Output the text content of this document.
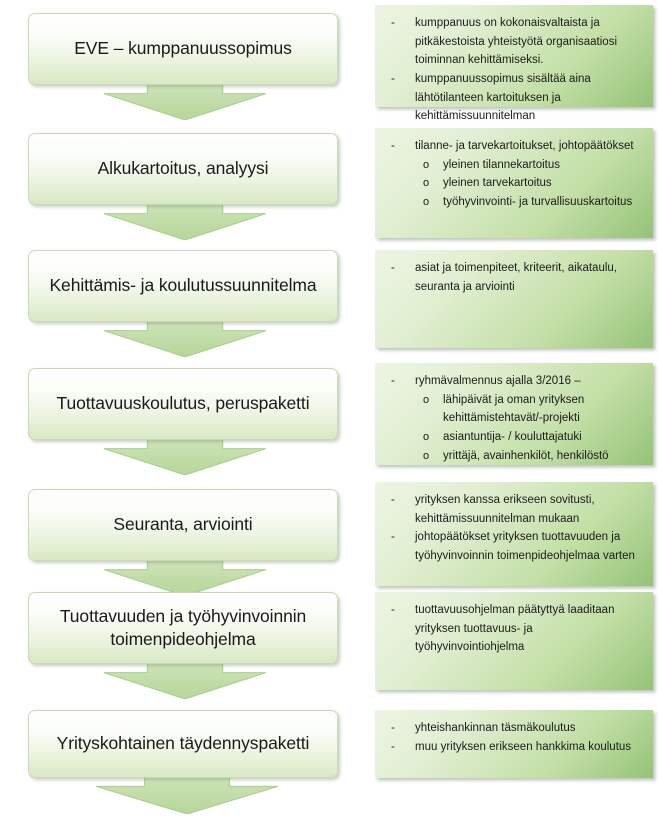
EVE – kumppanuussopimus
- kumppanuus on kokonaisvaltaista ja pitkäkestoista yhteistyötä organisaatiosi toiminnan kehittämiseksi.
- kumppanuussopimus sisältää aina lähtötilanteen kartoituksen ja kehittämissuunnitelman
Alkukartoitus, analyysi
- tilanne- ja tarvekartoitukset, johtopäätökset
o yleinen tilannekartoitus
o yleinen tarvekartoitus
o työhyvinvointi- ja turvallisuuskartoitus
Kehittämis- ja koulutussuunnitelma
- asiat ja toimenpiteet, kriteerit, aikataulu, seuranta ja arviointi
Tuottavuuskoulutus, peruspaketti
- ryhmävalmennus ajalla 3/2016 –
o lähipäivät ja oman yrityksen kehittämistehtavät/-projekti
o asiantuntija- / kouluttajatuki
o yrittäjä, avainhenkilöt, henkilöstö
Seuranta, arviointi
- yrityksen kanssa erikseen sovitusti, kehittämissuunnitelman mukaan
- johtopäätökset yrityksen tuottavuuden ja työhyvinvoinnin toimenpideohjelmaa varten
Tuottavuuden ja työhyvinvoinnin
toimenpideohjelma
- tuottavuusohjelman päätyttyä laaditaan yrityksen tuottavuus- ja työhyvinvointiohjelma
Yrityskohtainen täydennyspaketti
- yhteishankinnan täsmäkoulutus
- muu yrityksen erikseen hankkima koulutus
